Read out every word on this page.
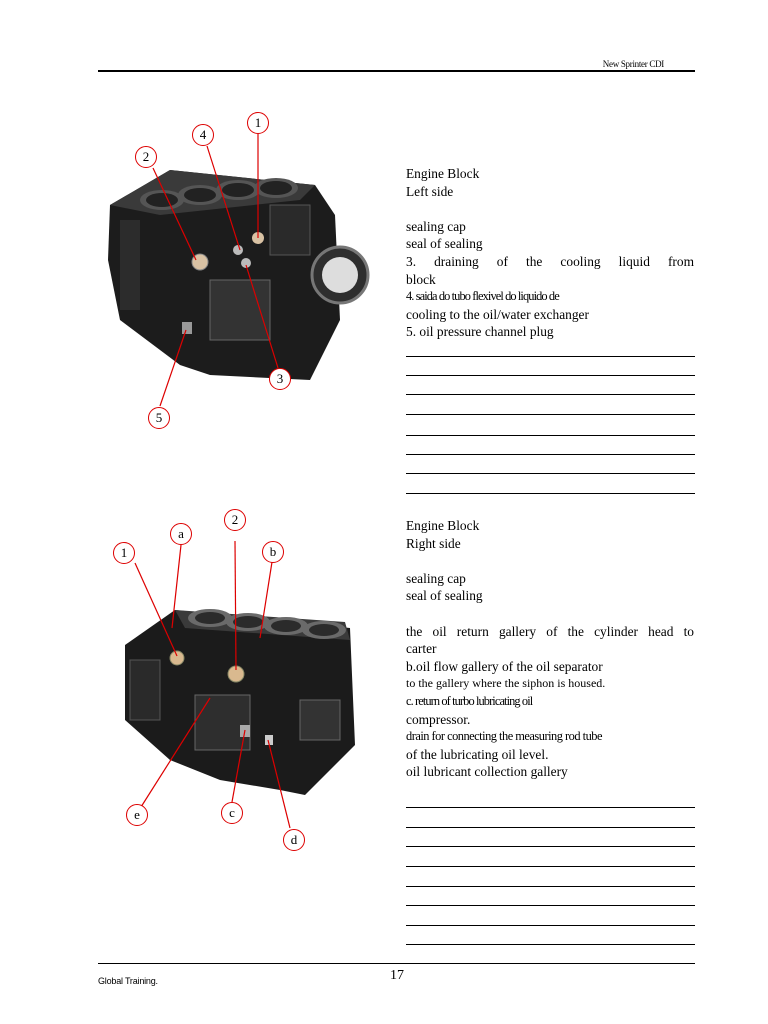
New Sprinter CDI
1
4
2
3
5
Engine Block
Left side
sealing cap
seal of sealing
3. draining of the cooling liquid from
block
4. saida do tubo flexivel do liquido de
cooling to the oil/water exchanger
5. oil pressure channel plug
2
a
1	b
c
e
d
Engine Block
Right side
sealing cap
seal of sealing
the oil return gallery of the cylinder head to
carter
b.oil flow gallery of the oil separator
to the gallery where the siphon is housed.
c. return of turbo lubricating oil
compressor.
drain for connecting the measuring rod tube
of the lubricating oil level.
oil lubricant collection gallery
Global Training.	17
